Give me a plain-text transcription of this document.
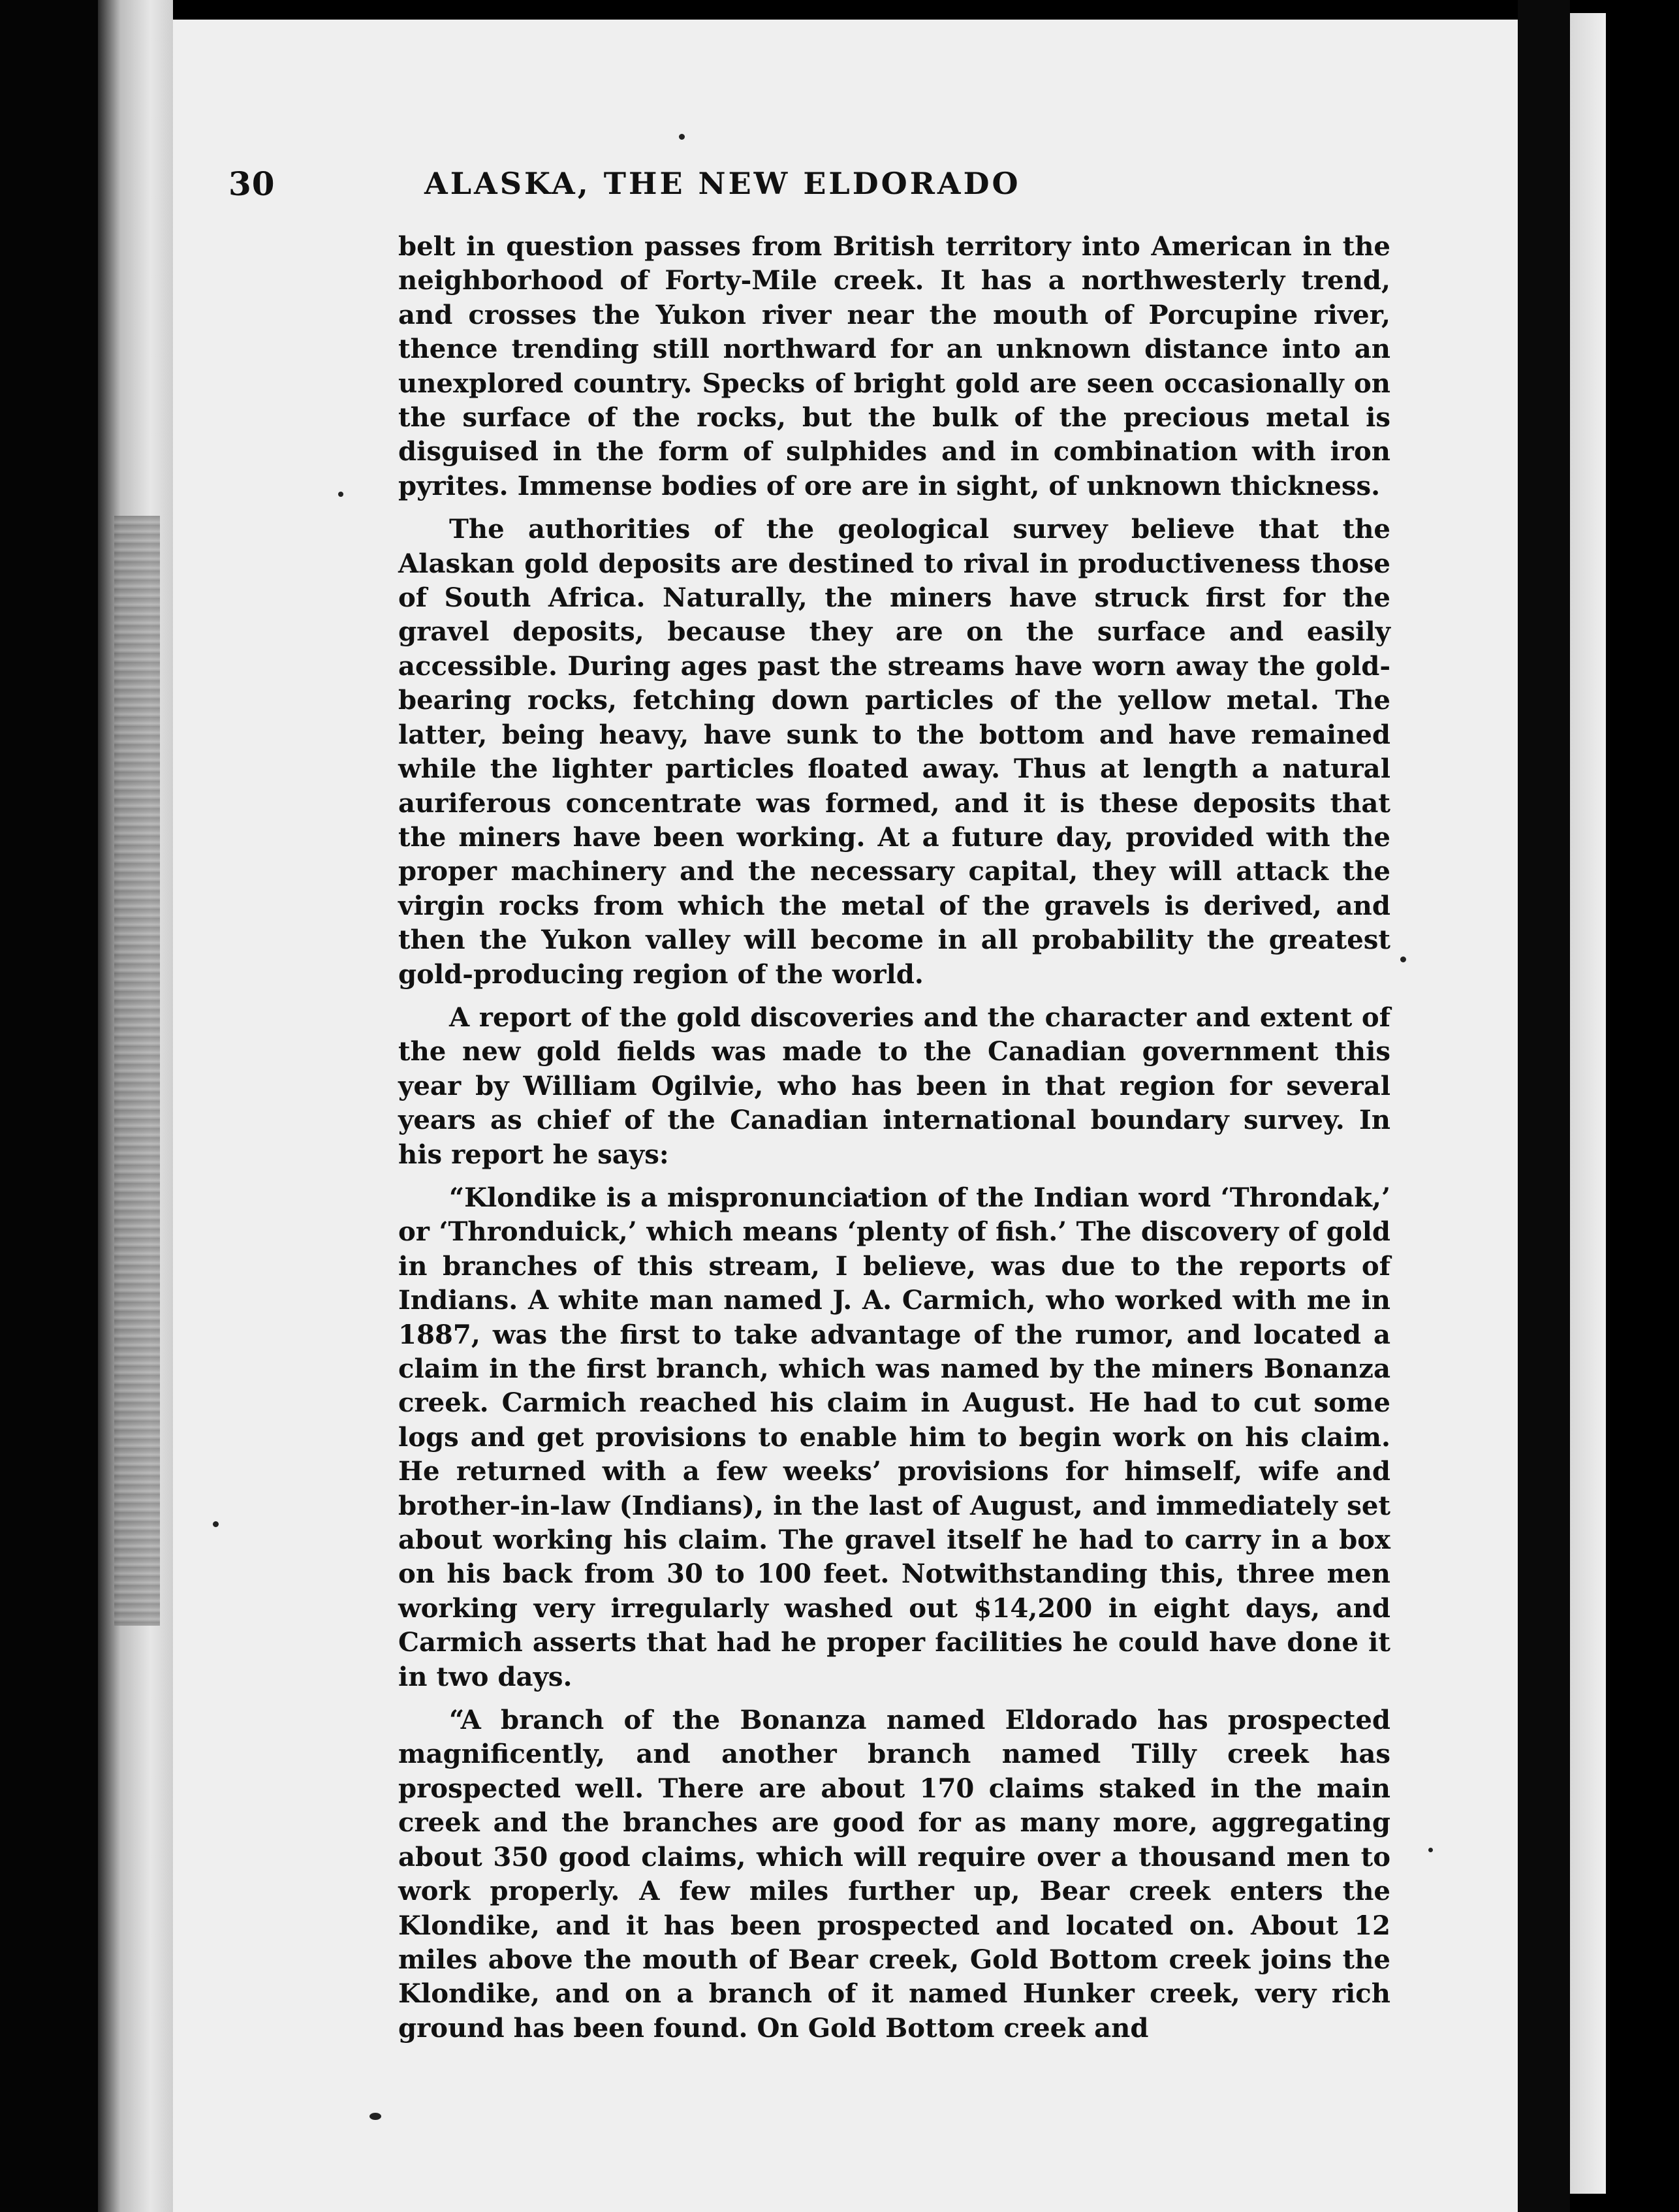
30	ALASKA, THE NEW ELDORADO

belt in question passes from British territory into American in the neighborhood of Forty-Mile creek. It has a northwesterly trend, and crosses the Yukon river near the mouth of Porcupine river, thence trending still northward for an unknown distance into an unexplored country. Specks of bright gold are seen occasionally on the surface of the rocks, but the bulk of the precious metal is disguised in the form of sulphides and in combination with iron pyrites. Immense bodies of ore are in sight, of unknown thickness.

The authorities of the geological survey believe that the Alaskan gold deposits are destined to rival in productiveness those of South Africa. Naturally, the miners have struck first for the gravel deposits, because they are on the surface and easily accessible. During ages past the streams have worn away the gold-bearing rocks, fetching down particles of the yellow metal. The latter, being heavy, have sunk to the bottom and have remained while the lighter particles floated away. Thus at length a natural auriferous concentrate was formed, and it is these deposits that the miners have been working. At a future day, provided with the proper machinery and the necessary capital, they will attack the virgin rocks from which the metal of the gravels is derived, and then the Yukon valley will become in all probability the greatest gold-producing region of the world.

A report of the gold discoveries and the character and extent of the new gold fields was made to the Canadian government this year by William Ogilvie, who has been in that region for several years as chief of the Canadian international boundary survey. In his report he says:

“Klondike is a mispronunciation of the Indian word ‘Throndak,’ or ‘Thronduick,’ which means ‘plenty of fish.’ The discovery of gold in branches of this stream, I believe, was due to the reports of Indians. A white man named J. A. Carmich, who worked with me in 1887, was the first to take advantage of the rumor, and located a claim in the first branch, which was named by the miners Bonanza creek. Carmich reached his claim in August. He had to cut some logs and get provisions to enable him to begin work on his claim. He returned with a few weeks’ provisions for himself, wife and brother-in-law (Indians), in the last of August, and immediately set about working his claim. The gravel itself he had to carry in a box on his back from 30 to 100 feet. Notwithstanding this, three men working very irregularly washed out $14,200 in eight days, and Carmich asserts that had he proper facilities he could have done it in two days.

“A branch of the Bonanza named Eldorado has prospected magnificently, and another branch named Tilly creek has prospected well. There are about 170 claims staked in the main creek and the branches are good for as many more, aggregating about 350 good claims, which will require over a thousand men to work properly. A few miles further up, Bear creek enters the Klondike, and it has been prospected and located on. About 12 miles above the mouth of Bear creek, Gold Bottom creek joins the Klondike, and on a branch of it named Hunker creek, very rich ground has been found. On Gold Bottom creek and
